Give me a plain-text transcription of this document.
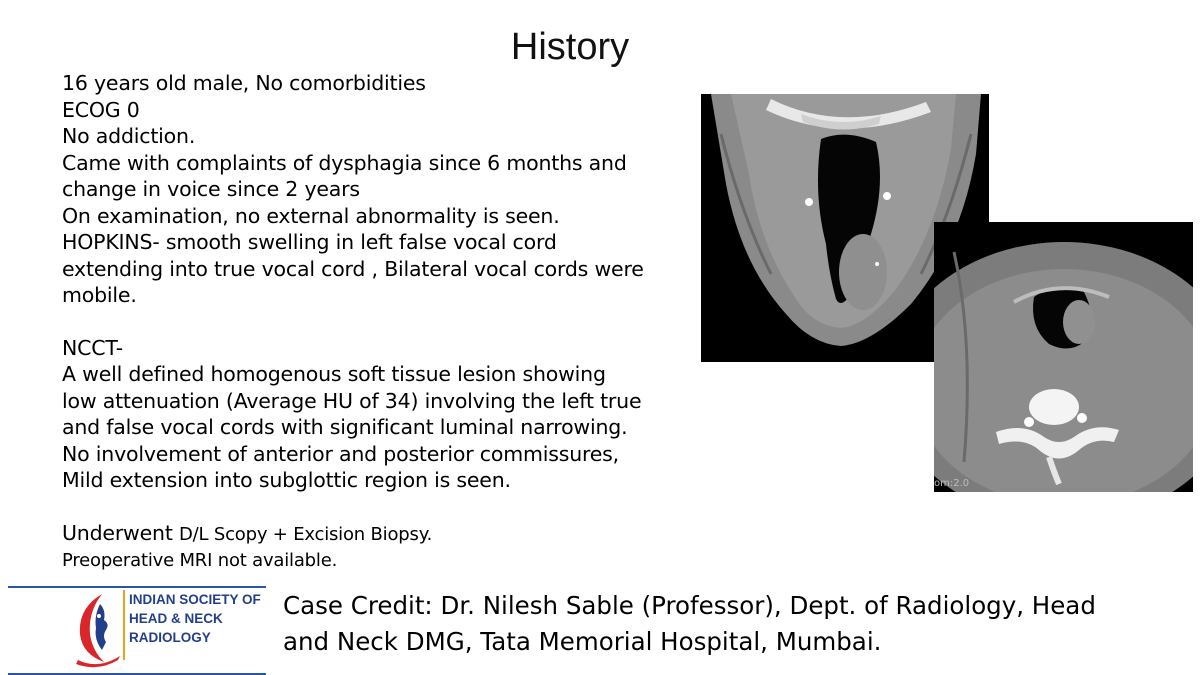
History
16 years old male, No comorbidities
ECOG 0
No addiction.
Came with complaints of dysphagia since 6 months and
change in voice since 2 years
On examination, no external abnormality is seen.
HOPKINS- smooth swelling in left false vocal cord
extending into true vocal cord , Bilateral vocal cords were
mobile.
NCCT-
A well defined homogenous soft tissue lesion showing
low attenuation (Average HU of 34) involving the left true
and false vocal cords with significant luminal narrowing.
No involvement of anterior and posterior commissures,
Mild extension into subglottic region is seen.
Underwent D/L Scopy + Excision Biopsy.
Preoperative MRI not available.
om:2.0
INDIAN SOCIETY OF
HEAD & NECK
RADIOLOGY
Case Credit: Dr. Nilesh Sable (Professor), Dept. of Radiology, Head
and Neck DMG, Tata Memorial Hospital, Mumbai.
